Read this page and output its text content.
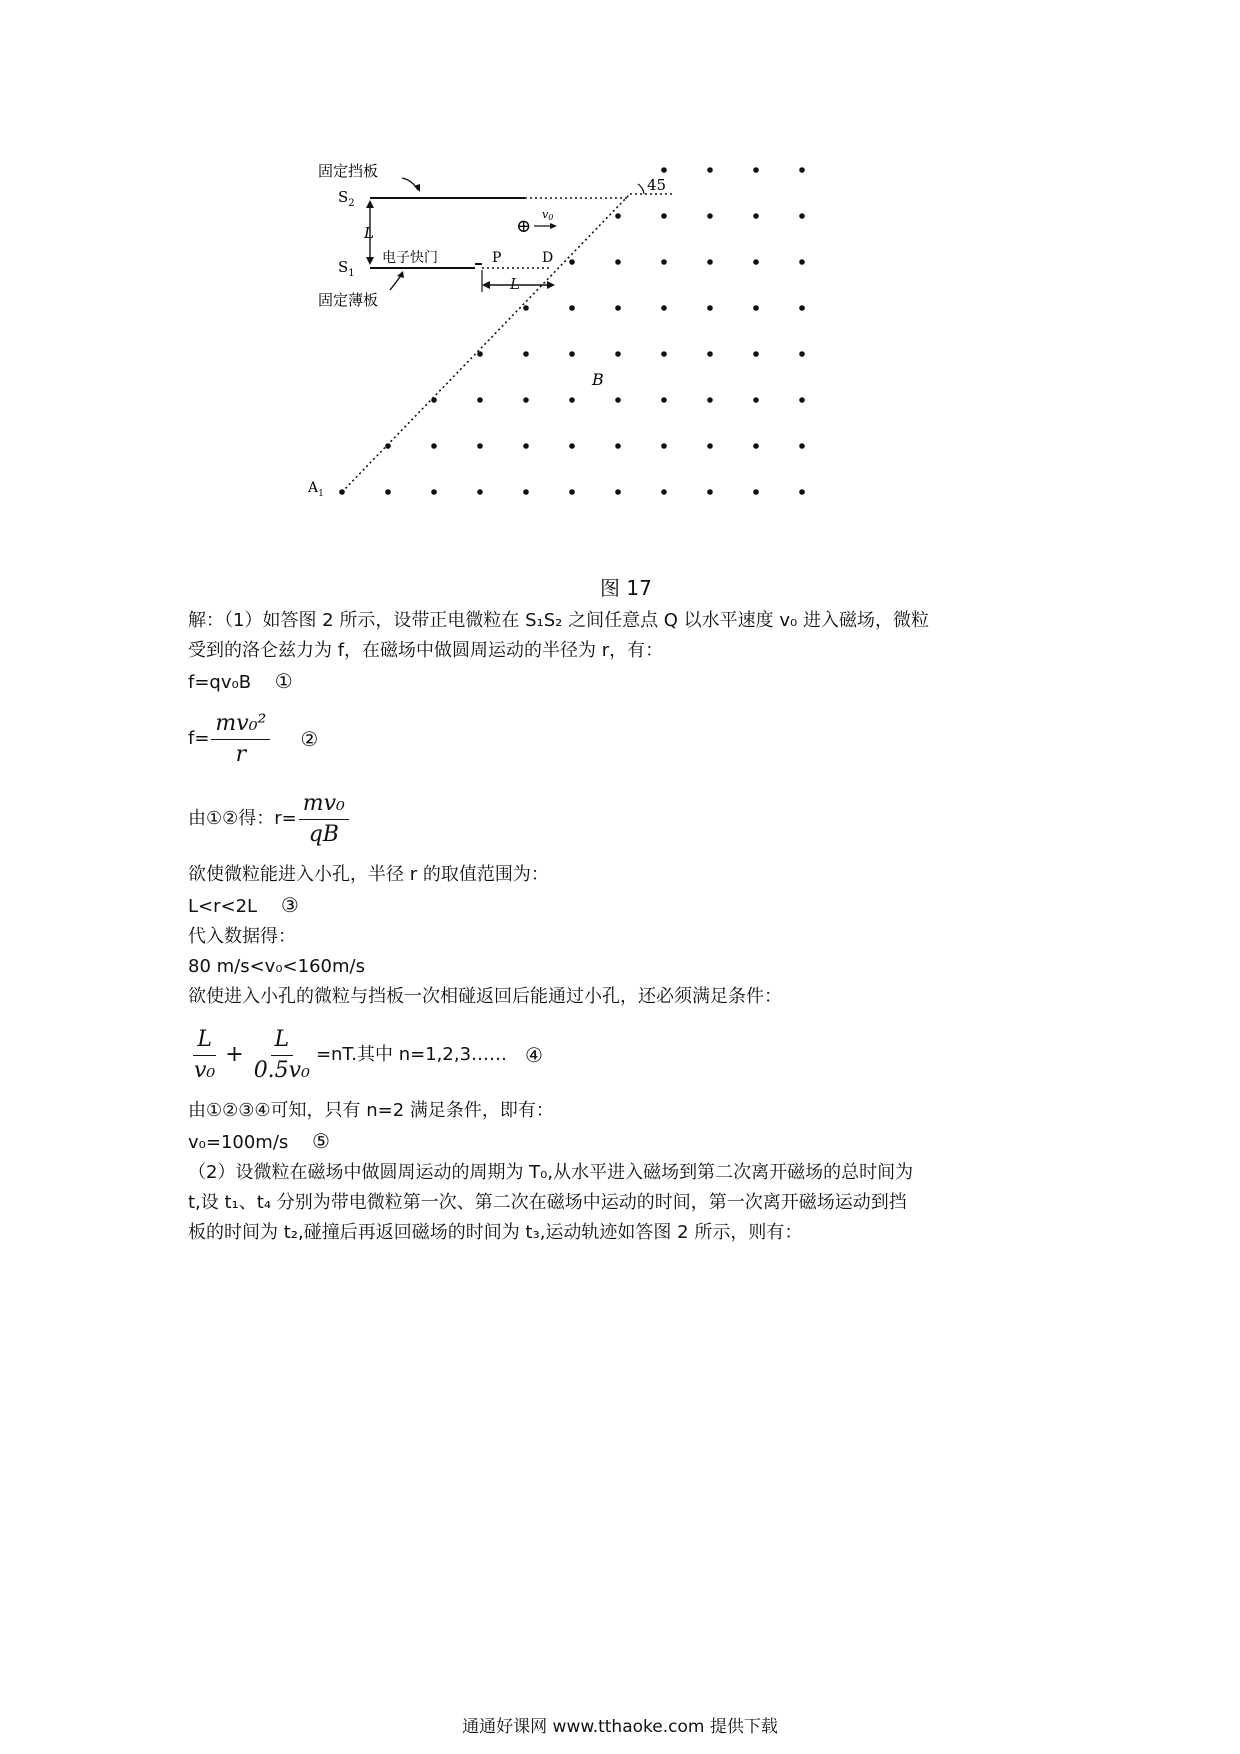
45
L
L
固定挡板
$S_2$
$S_1$
电子快门	P	D
固定薄板
⊕
v0
B
$A_1$
图 17
解：（1）如答图 2 所示，设带正电微粒在 S₁S₂ 之间任意点 Q 以水平速度 v₀ 进入磁场，微粒
受到的洛仑兹力为 f，在磁场中做圆周运动的半径为 r，有：
f=qv₀B ①
$f= \frac{\text{mv₀²}}{r}$ ②
由①②得：$r= \frac{\text{mv₀}}{qB}$
欲使微粒能进入小孔，半径 r 的取值范围为：
L<r<2L ③
代入数据得：
80 m/s<v₀<160m/s
欲使进入小孔的微粒与挡板一次相碰返回后能通过小孔，还必须满足条件：
$\frac{L}{\text{v₀}} + \frac{L}{\text{0.5v₀}} =nT$.其中 n=1,2,3…… ④
由①②③④可知，只有 n=2 满足条件，即有：
v₀=100m/s ⑤
（2）设微粒在磁场中做圆周运动的周期为 T₀,从水平进入磁场到第二次离开磁场的总时间为
t,设 t₁、t₄ 分别为带电微粒第一次、第二次在磁场中运动的时间，第一次离开磁场运动到挡
板的时间为 t₂,碰撞后再返回磁场的时间为 t₃,运动轨迹如答图 2 所示，则有：
通通好课网 www.tthaoke.com 提供下载
